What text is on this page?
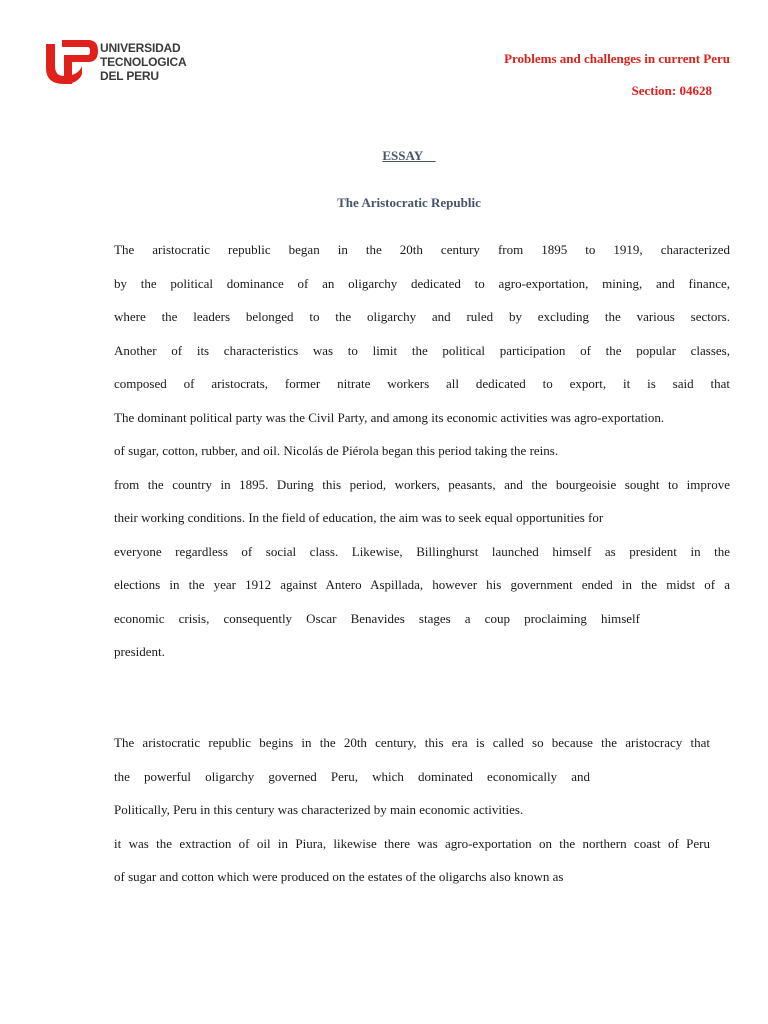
UNIVERSIDAD
TECNOLOGICA
DEL PERU
Problems and challenges in current Peru
Section: 04628
ESSAY
The Aristocratic Republic
The aristocratic republic began in the 20th century from 1895 to 1919, characterized
by the political dominance of an oligarchy dedicated to agro-exportation, mining, and finance,
where the leaders belonged to the oligarchy and ruled by excluding the various sectors.
Another of its characteristics was to limit the political participation of the popular classes,
composed of aristocrats, former nitrate workers all dedicated to export, it is said that
The dominant political party was the Civil Party, and among its economic activities was agro-exportation.
of sugar, cotton, rubber, and oil. Nicolás de Piérola began this period taking the reins.
from the country in 1895. During this period, workers, peasants, and the bourgeoisie sought to improve
their working conditions. In the field of education, the aim was to seek equal opportunities for
everyone regardless of social class. Likewise, Billinghurst launched himself as president in the
elections in the year 1912 against Antero Aspillada, however his government ended in the midst of a
economic crisis, consequently Oscar Benavides stages a coup proclaiming himself
president.
The aristocratic republic begins in the 20th century, this era is called so because the aristocracy that
the powerful oligarchy governed Peru, which dominated economically and
Politically, Peru in this century was characterized by main economic activities.
it was the extraction of oil in Piura, likewise there was agro-exportation on the northern coast of Peru
of sugar and cotton which were produced on the estates of the oligarchs also known as
